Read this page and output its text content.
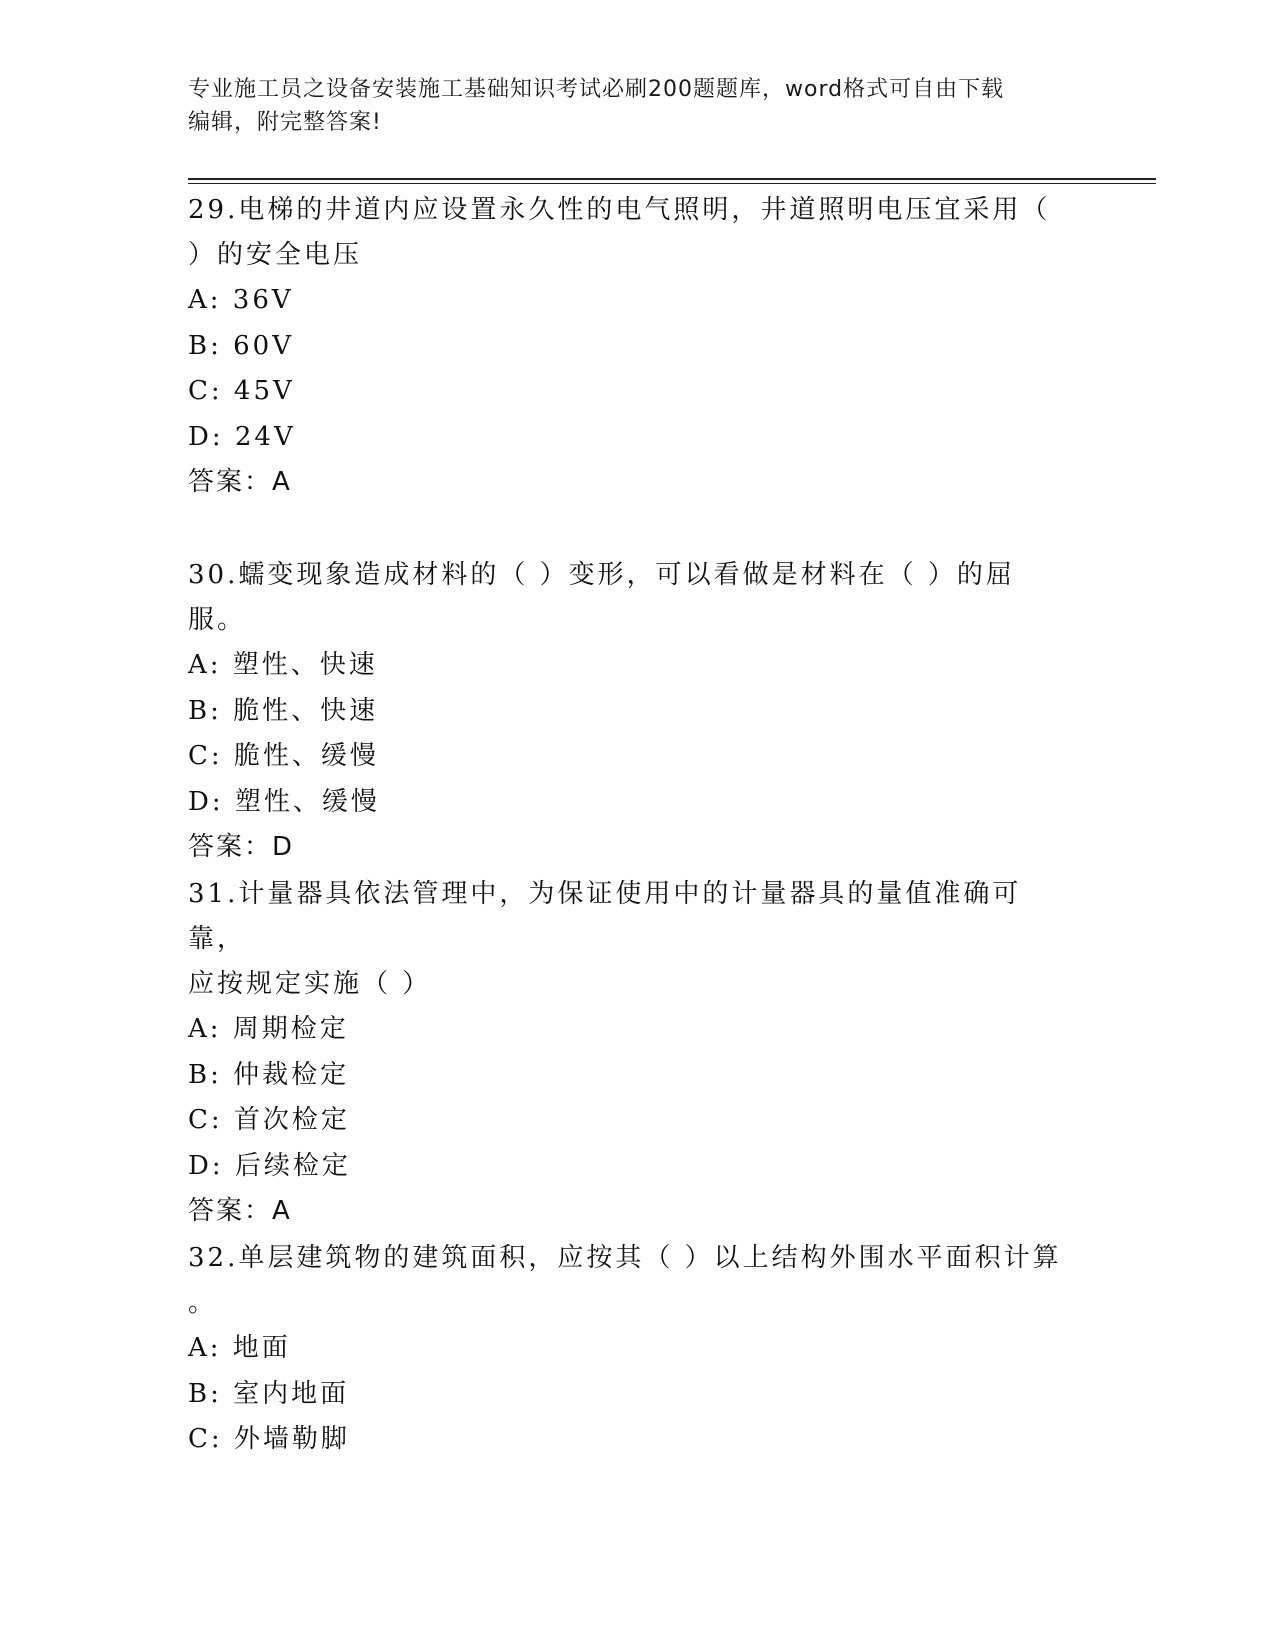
专业施工员之设备安装施工基础知识考试必刷200题题库，word格式可自由下载
编辑，附完整答案!

29.电梯的井道内应设置永久性的电气照明，井道照明电压宜采用（

）的安全电压

A: 36V

B: 60V

C: 45V

D: 24V

答案：A

30.蠕变现象造成材料的（ ）变形，可以看做是材料在（ ）的屈服。

A: 塑性、快速

B: 脆性、快速

C: 脆性、缓慢

D: 塑性、缓慢

答案：D

31.计量器具依法管理中，为保证使用中的计量器具的量值准确可靠，

应按规定实施（ ）

A: 周期检定

B: 仲裁检定

C: 首次检定

D: 后续检定

答案：A

32.单层建筑物的建筑面积，应按其（ ）以上结构外围水平面积计算

。

A: 地面

B: 室内地面

C: 外墙勒脚
